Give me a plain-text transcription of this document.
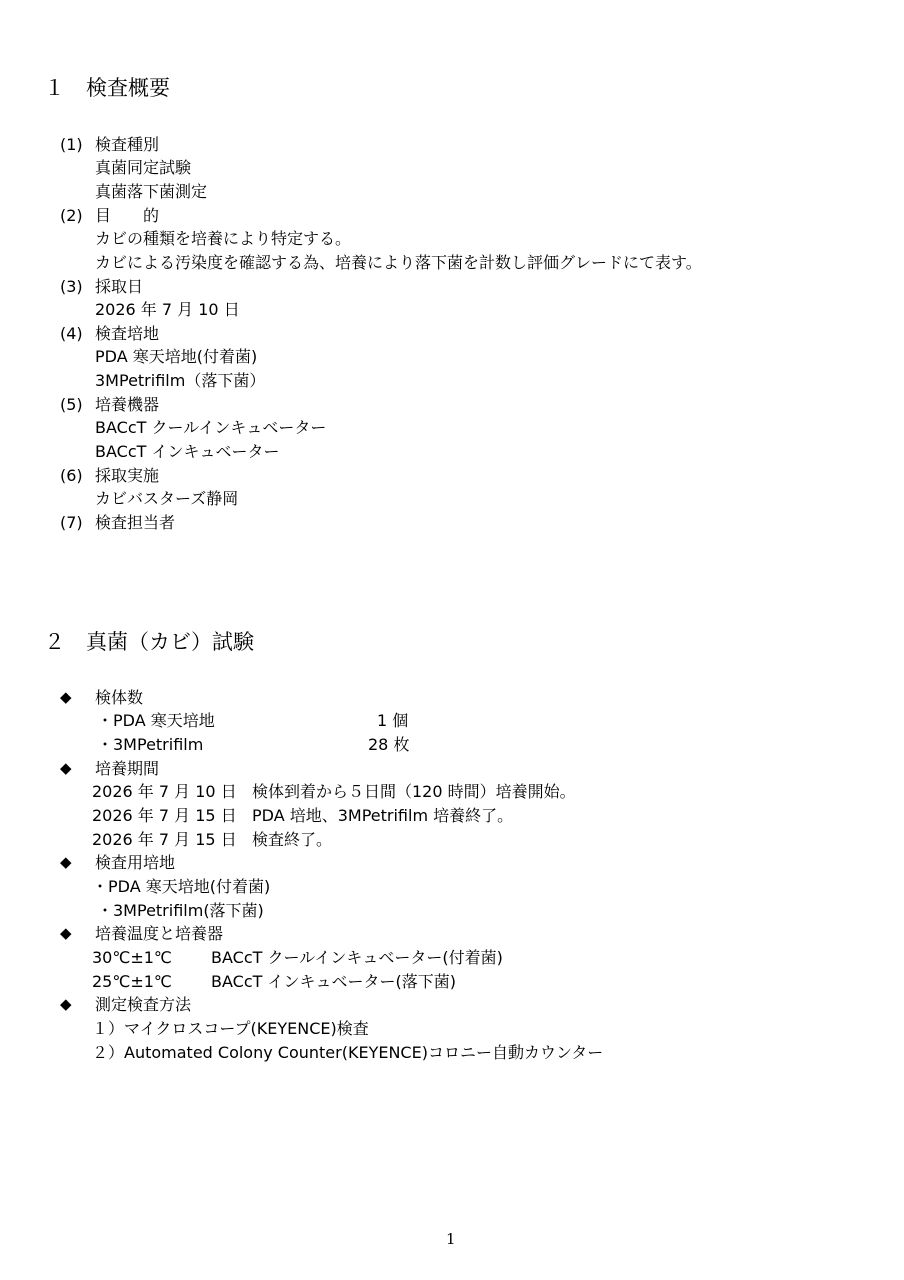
１ 検査概要
(1) 検査種別
真菌同定試験
真菌落下菌測定
(2) 目　　的
カビの種類を培養により特定する。
カビによる汚染度を確認する為、培養により落下菌を計数し評価グレードにて表す。
(3) 採取日
2026 年 7 月 10 日
(4) 検査培地
PDA 寒天培地(付着菌)
3MPetrifilm（落下菌）
(5) 培養機器
BACcT クールインキュベーター
BACcT インキュベーター
(6) 採取実施
カビバスターズ静岡
(7) 検査担当者
２ 真菌（カビ）試験
◆ 検体数
・PDA 寒天培地	1 個
・3MPetrifilm	28 枚
◆ 培養期間
2026 年 7 月 10 日 検体到着から５日間（120 時間）培養開始。
2026 年 7 月 15 日 PDA 培地、3MPetrifilm 培養終了。
2026 年 7 月 15 日 検査終了。
◆ 検査用培地
・PDA 寒天培地(付着菌)
・3MPetrifilm(落下菌)
◆ 培養温度と培養器
30℃±1℃ BACcT クールインキュベーター(付着菌)
25℃±1℃ BACcT インキュベーター(落下菌)
◆ 測定検査方法
１）マイクロスコープ(KEYENCE)検査
２）Automated Colony Counter(KEYENCE)コロニー自動カウンター
1
